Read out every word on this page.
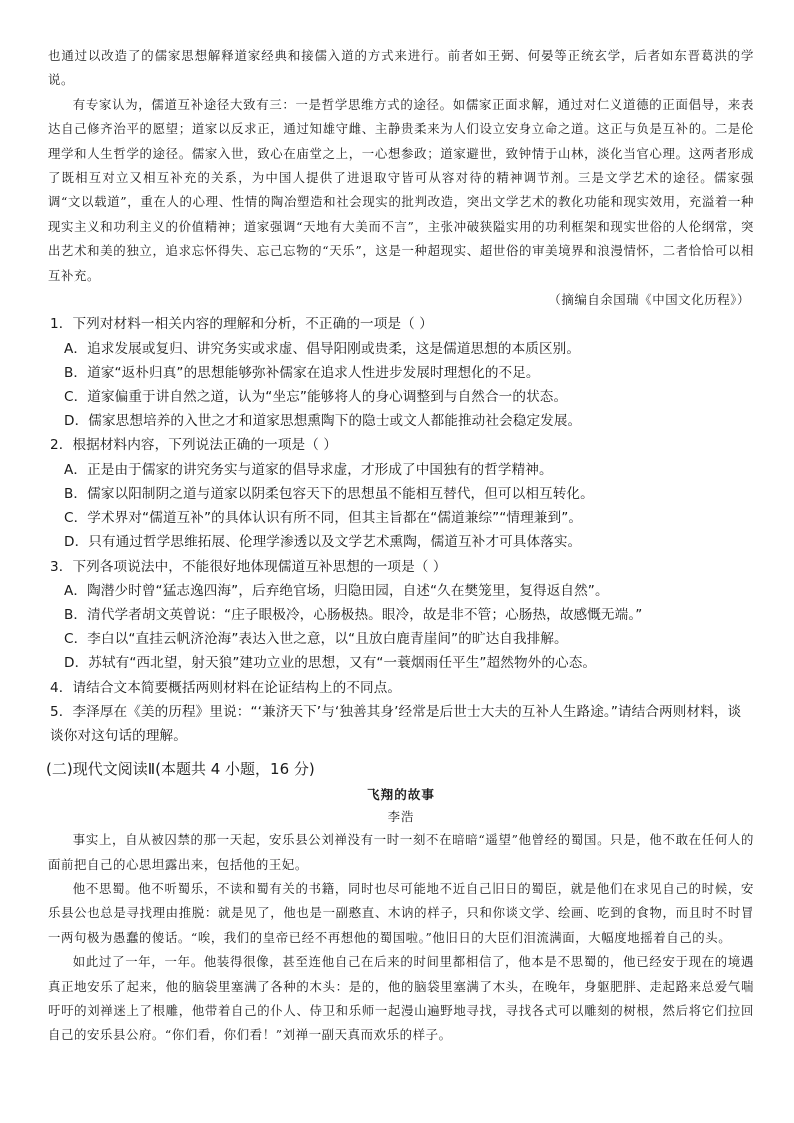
也通过以改造了的儒家思想解释道家经典和接儒入道的方式来进行。前者如王弼、何晏等正统玄学，后者如东晋葛洪的学说。

有专家认为，儒道互补途径大致有三：一是哲学思维方式的途径。如儒家正面求解，通过对仁义道德的正面倡导，来表达自己修齐治平的愿望；道家以反求正，通过知雄守雌、主静贵柔来为人们设立安身立命之道。这正与负是互补的。二是伦理学和人生哲学的途径。儒家入世，致心在庙堂之上，一心想参政；道家避世，致钟情于山林，淡化当官心理。这两者形成了既相互对立又相互补充的关系，为中国人提供了进退取守皆可从容对待的精神调节剂。三是文学艺术的途径。儒家强调“文以载道”，重在人的心理、性情的陶冶塑造和社会现实的批判改造，突出文学艺术的教化功能和现实效用，充溢着一种现实主义和功利主义的价值精神；道家强调“天地有大美而不言”，主张冲破狭隘实用的功利框架和现实世俗的人伦纲常，突出艺术和美的独立，追求忘怀得失、忘己忘物的“天乐”，这是一种超现实、超世俗的审美境界和浪漫情怀，二者恰恰可以相互补充。

（摘编自余国瑞《中国文化历程》）

1．下列对材料一相关内容的理解和分析，不正确的一项是（ ）

A．追求发展或复归、讲究务实或求虚、倡导阳刚或贵柔，这是儒道思想的本质区别。

B．道家“返朴归真”的思想能够弥补儒家在追求人性进步发展时理想化的不足。

C．道家偏重于讲自然之道，认为“坐忘”能够将人的身心调整到与自然合一的状态。

D．儒家思想培养的入世之才和道家思想熏陶下的隐士或文人都能推动社会稳定发展。

2．根据材料内容，下列说法正确的一项是（ ）

A．正是由于儒家的讲究务实与道家的倡导求虚，才形成了中国独有的哲学精神。

B．儒家以阳制阴之道与道家以阴柔包容天下的思想虽不能相互替代，但可以相互转化。

C．学术界对“儒道互补”的具体认识有所不同，但其主旨都在“儒道兼综”“情理兼到”。

D．只有通过哲学思维拓展、伦理学渗透以及文学艺术熏陶，儒道互补才可具体落实。

3．下列各项说法中，不能很好地体现儒道互补思想的一项是（ ）

A．陶潜少时曾“猛志逸四海”，后弃绝官场，归隐田园，自述“久在樊笼里，复得返自然”。

B．清代学者胡文英曾说：“庄子眼极冷，心肠极热。眼冷，故是非不管；心肠热，故感慨无端。”

C．李白以“直挂云帆济沧海”表达入世之意，以“且放白鹿青崖间”的旷达自我排解。

D．苏轼有“西北望，射天狼”建功立业的思想，又有“一蓑烟雨任平生”超然物外的心态。

4．请结合文本简要概括两则材料在论证结构上的不同点。

5．李泽厚在《美的历程》里说：“‘兼济天下’与‘独善其身’经常是后世士大夫的互补人生路途。”请结合两则材料，谈谈你对这句话的理解。

(二)现代文阅读Ⅱ(本题共 4 小题，16 分)
飞翔的故事
李浩

事实上，自从被囚禁的那一天起，安乐县公刘禅没有一时一刻不在暗暗“遥望”他曾经的蜀国。只是，他不敢在任何人的面前把自己的心思坦露出来，包括他的王妃。

他不思蜀。他不听蜀乐，不读和蜀有关的书籍，同时也尽可能地不近自己旧日的蜀臣，就是他们在求见自己的时候，安乐县公也总是寻找理由推脱：就是见了，他也是一副憨直、木讷的样子，只和你谈文学、绘画、吃到的食物，而且时不时冒一两句极为愚蠢的傻话。“唉，我们的皇帝已经不再想他的蜀国啦。”他旧日的大臣们泪流满面，大幅度地摇着自己的头。

如此过了一年，一年。他装得很像，甚至连他自己在后来的时间里都相信了，他本是不思蜀的，他已经安于现在的境遇真正地安乐了起来，他的脑袋里塞满了各种的木头：是的，他的脑袋里塞满了木头，在晚年，身躯肥胖、走起路来总爱气喘吁吁的刘禅迷上了根雕，他带着自己的仆人、侍卫和乐师一起漫山遍野地寻找，寻找各式可以雕刻的树根，然后将它们拉回自己的安乐县公府。“你们看，你们看！”刘禅一副天真而欢乐的样子。
